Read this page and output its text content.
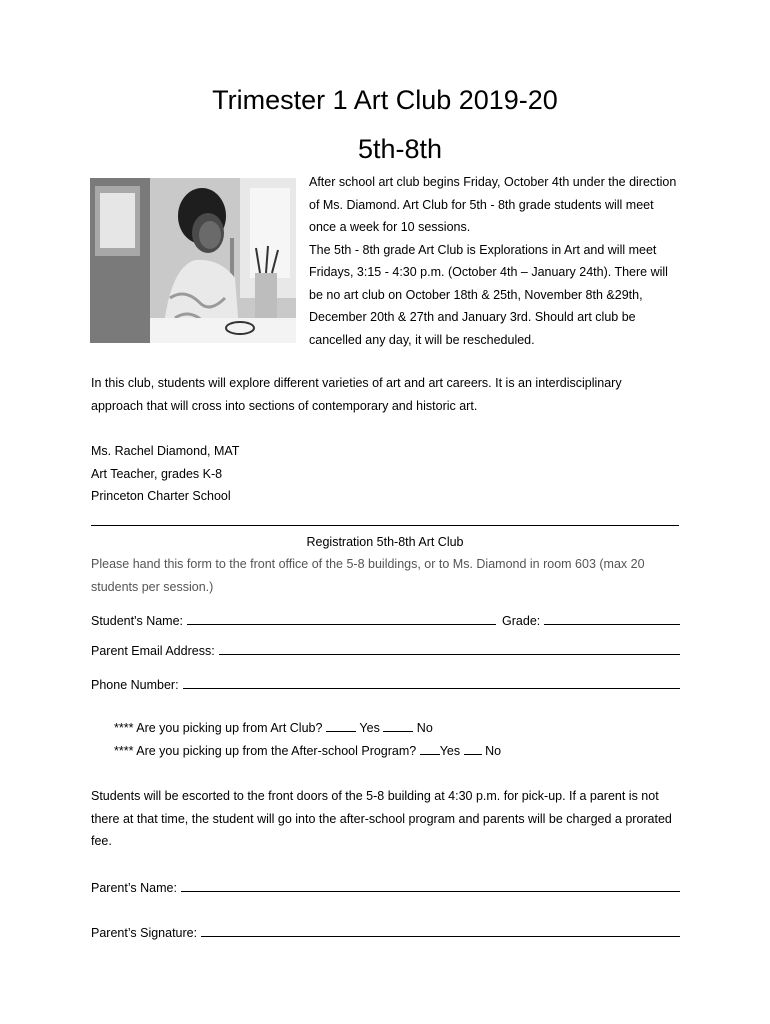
Trimester 1 Art Club 2019-20
5th-8th

After school art club begins Friday, October 4th under the direction

of Ms. Diamond. Art Club for 5th - 8th grade students will meet

once a week for 10 sessions.

The 5th - 8th grade Art Club is Explorations in Art and will meet

Fridays, 3:15 - 4:30 p.m. (October 4th – January 24th). There will

be no art club on October 18th & 25th, November 8th &29th,

December 20th & 27th and January 3rd. Should art club be

cancelled any day, it will be rescheduled.

In this club, students will explore different varieties of art and art careers. It is an interdisciplinary

approach that will cross into sections of contemporary and historic art.

Ms. Rachel Diamond, MAT

Art Teacher, grades K-8

Princeton Charter School

Registration 5th-8th Art Club
Please hand this form to the front office of the 5-8 buildings, or to Ms. Diamond in room 603 (max 20
students per session.)
Student's Name:	Grade:
Parent Email Address:
Phone Number:
**** Are you picking up from Art Club?	Yes	No
**** Are you picking up from the After-school Program? Yes No

Students will be escorted to the front doors of the 5-8 building at 4:30 p.m. for pick-up. If a parent is not

there at that time, the student will go into the after-school program and parents will be charged a prorated

fee.

Parent’s Name:
Parent’s Signature:
